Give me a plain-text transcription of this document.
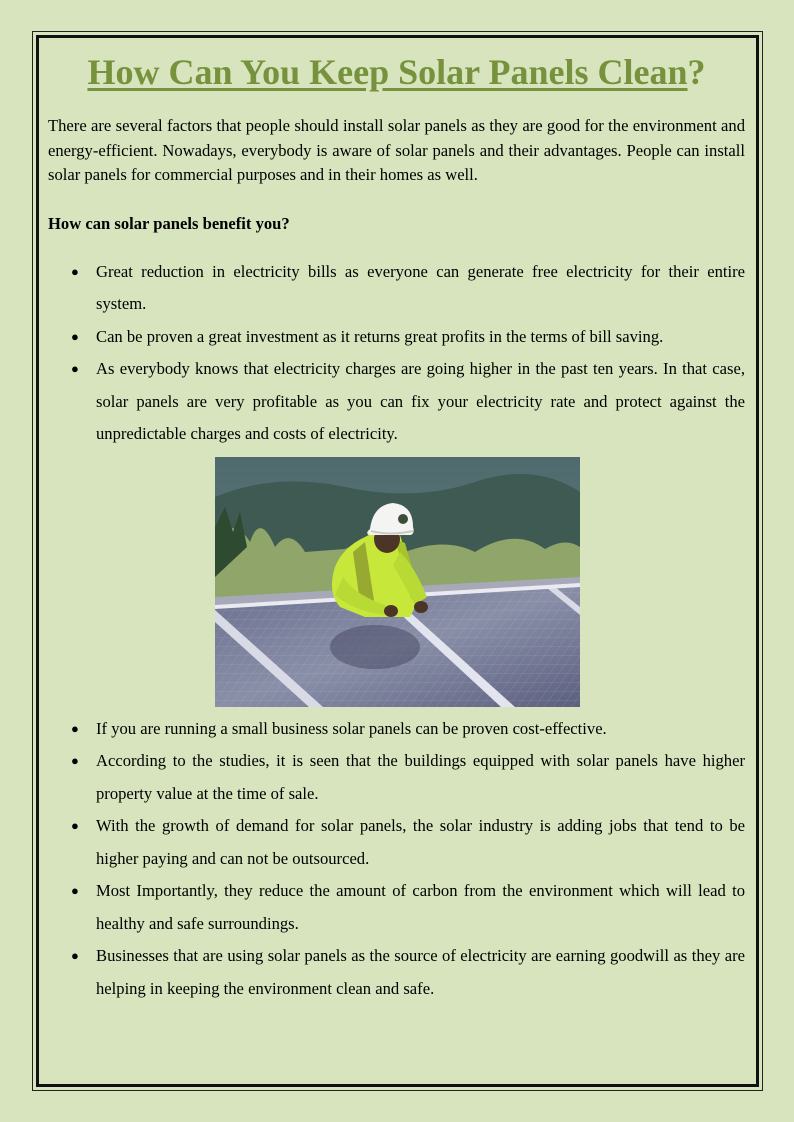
How Can You Keep Solar Panels Clean?

There are several factors that people should install solar panels as they are good for the environment and energy-efficient. Nowadays, everybody is aware of solar panels and their advantages. People can install solar panels for commercial purposes and in their homes as well.

How can solar panels benefit you?

● Great reduction in electricity bills as everyone can generate free electricity for their entire system.
● Can be proven a great investment as it returns great profits in the terms of bill saving.
● As everybody knows that electricity charges are going higher in the past ten years. In that case, solar panels are very profitable as you can fix your electricity rate and protect against the unpredictable charges and costs of electricity.
● If you are running a small business solar panels can be proven cost-effective.
● According to the studies, it is seen that the buildings equipped with solar panels have higher property value at the time of sale.
● With the growth of demand for solar panels, the solar industry is adding jobs that tend to be higher paying and can not be outsourced.
● Most Importantly, they reduce the amount of carbon from the environment which will lead to healthy and safe surroundings.
● Businesses that are using solar panels as the source of electricity are earning goodwill as they are helping in keeping the environment clean and safe.
